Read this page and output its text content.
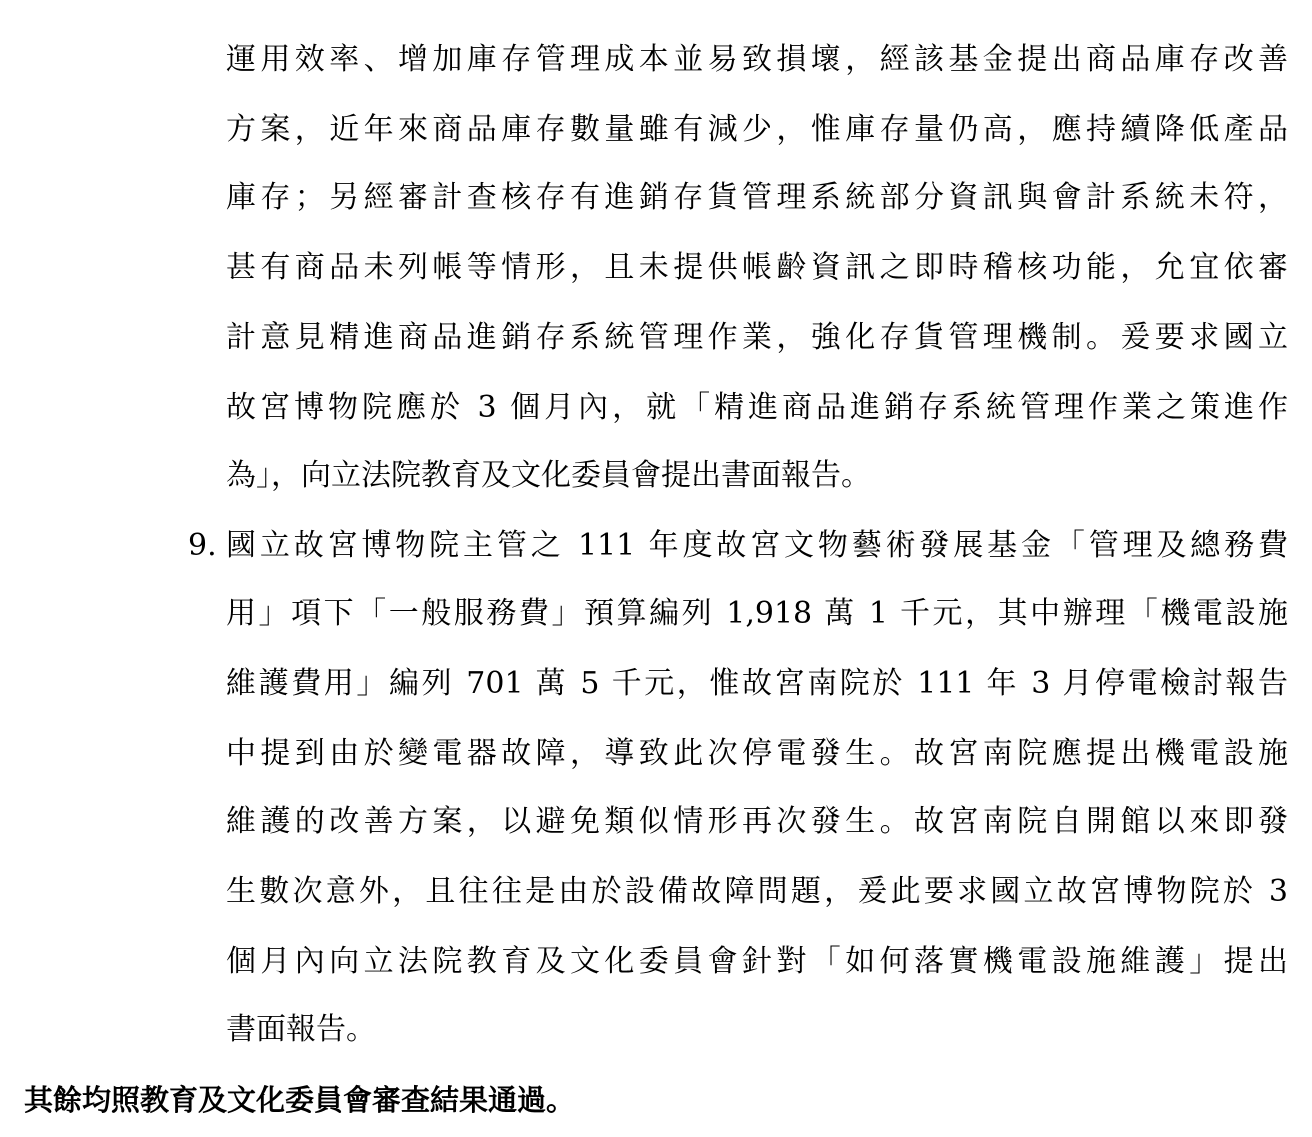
運用效率、增加庫存管理成本並易致損壞，經該基金提出商品庫存改善
方案，近年來商品庫存數量雖有減少，惟庫存量仍高，應持續降低產品
庫存；另經審計查核存有進銷存貨管理系統部分資訊與會計系統未符，
甚有商品未列帳等情形，且未提供帳齡資訊之即時稽核功能，允宜依審
計意見精進商品進銷存系統管理作業，強化存貨管理機制。爰要求國立
故宮博物院應於 3 個月內，就「精進商品進銷存系統管理作業之策進作
為」，向立法院教育及文化委員會提出書面報告。
9. 國立故宮博物院主管之 111 年度故宮文物藝術發展基金「管理及總務費
用」項下「一般服務費」預算編列 1,918 萬 1 千元，其中辦理「機電設施
維護費用」編列 701 萬 5 千元，惟故宮南院於 111 年 3 月停電檢討報告
中提到由於變電器故障，導致此次停電發生。故宮南院應提出機電設施
維護的改善方案，以避免類似情形再次發生。故宮南院自開館以來即發
生數次意外，且往往是由於設備故障問題，爰此要求國立故宮博物院於 3
個月內向立法院教育及文化委員會針對「如何落實機電設施維護」提出
書面報告。
其餘均照教育及文化委員會審查結果通過。
